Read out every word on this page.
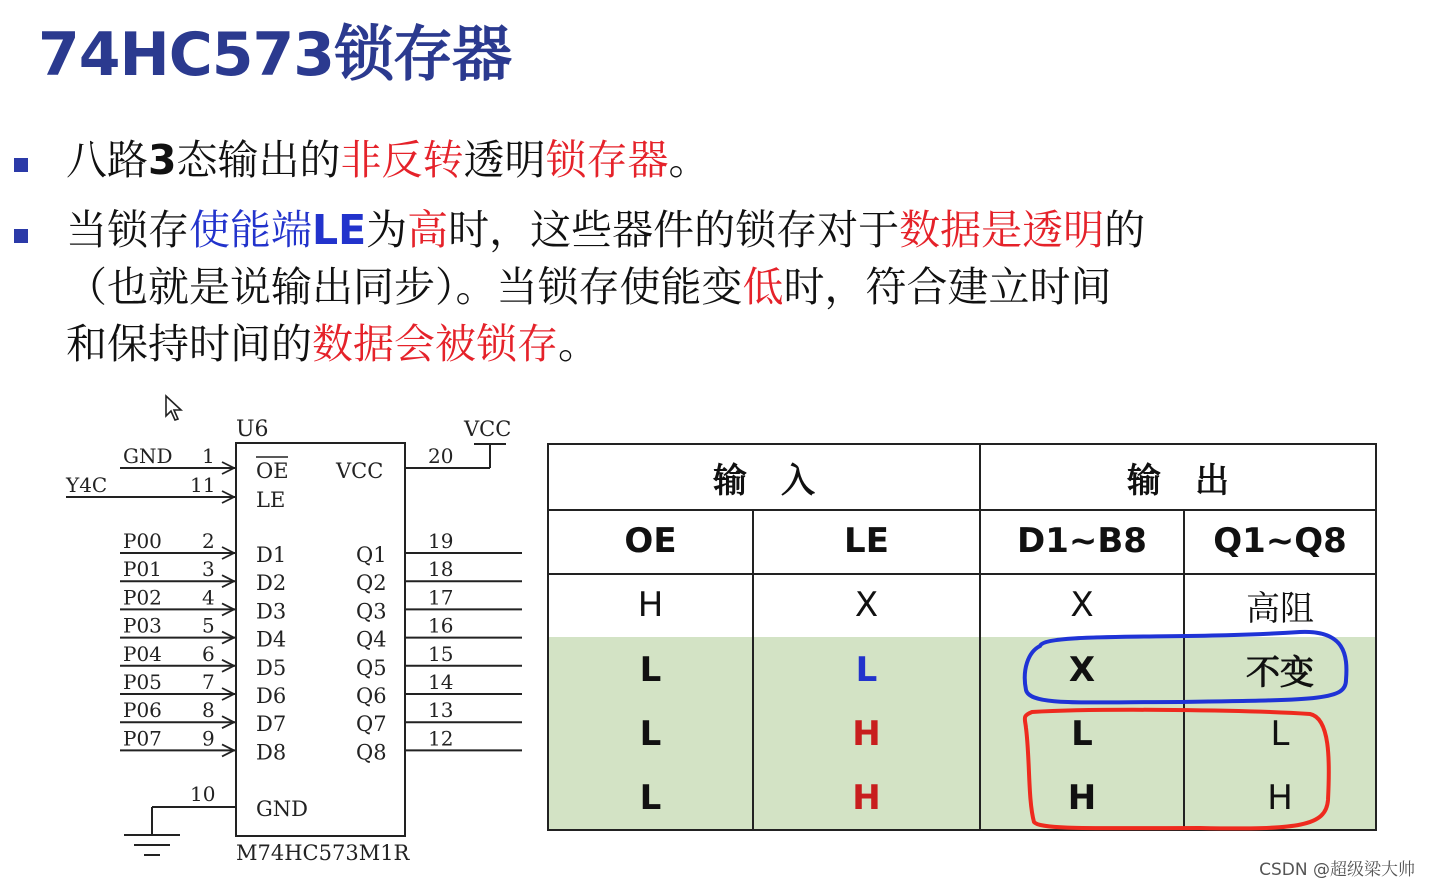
74HC573锁存器
八路3态输出的非反转透明锁存器。
当锁存使能端LE为高时，这些器件的锁存对于数据是透明的
（也就是说输出同步）。当锁存使能变低时，符合建立时间
和保持时间的数据会被锁存。
U6
M74HC573M1R
GND 1
OE
Y4C	11
LE
VCC
20
VCC
GND
10
P00 2
D1	Q1
19
P01 3
D2	Q2
18
P02 4
D3	Q3
17
P03 5
D4	Q4
16
P04 6
D5	Q5
15
P05 7
D6	Q6
14
P06 8
D7	Q7
13
P07 9
D8	Q8
12
输　入	输　出
OE	LE	D1~B8	Q1~Q8
H	X	X	高阻
L	L	X	不变
L	H	L	L
L	H	H	H
CSDN @超级梁大帅
